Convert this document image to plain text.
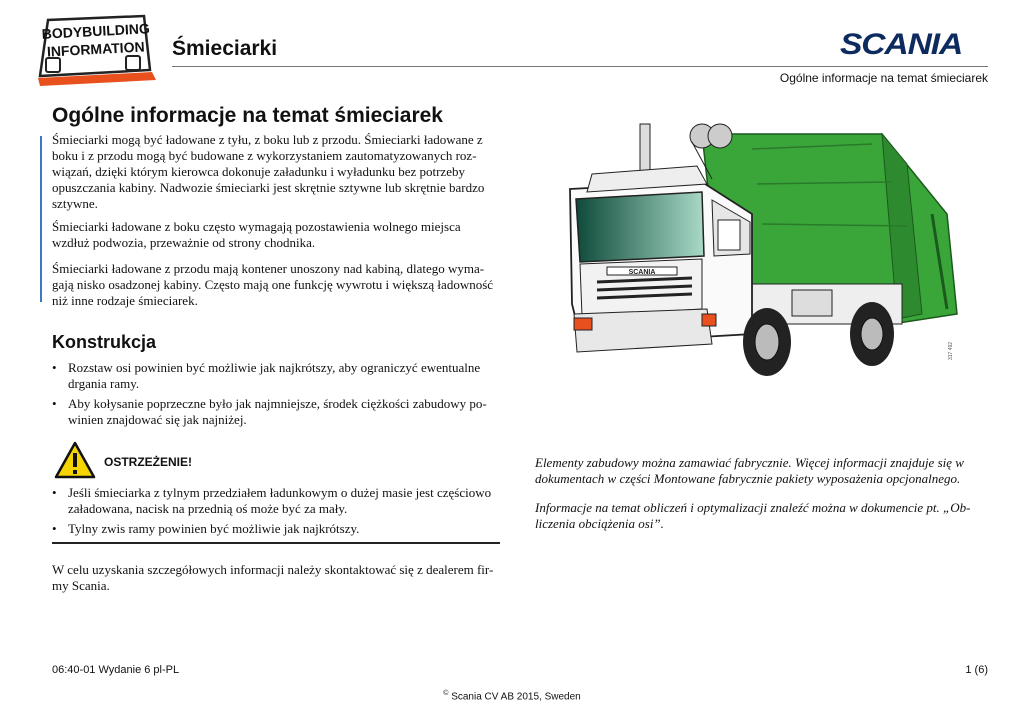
BODYBUILDING
INFORMATION Śmieciarki	SCANIA
Ogólne informacje na temat śmieciarek
Ogólne informacje na temat śmieciarek

Śmieciarki mogą być ładowane z tyłu, z boku lub z przodu. Śmieciarki ładowane z boku i z przodu mogą być budowane z wykorzystaniem zautomatyzowanych roz-wiązań, dzięki którym kierowca dokonuje załadunku i wyładunku bez potrzeby opuszczania kabiny. Nadwozie śmieciarki jest skrętnie sztywne lub skrętnie bardzo sztywne.

Śmieciarki ładowane z boku często wymagają pozostawienia wolnego miejsca wzdłuż podwozia, przeważnie od strony chodnika.

Śmieciarki ładowane z przodu mają kontener unoszony nad kabiną, dlatego wyma-gają nisko osadzonej kabiny. Często mają one funkcję wywrotu i większą ładowność niż inne rodzaje śmieciarek.

Konstrukcja
• Rozstaw osi powinien być możliwie jak najkrótszy, aby ograniczyć ewentualne drgania ramy.
• Aby kołysanie poprzeczne było jak najmniejsze, środek ciężkości zabudowy po-winien znajdować się jak najniżej.
OSTRZEŻENIE!
• Jeśli śmieciarka z tylnym przedziałem ładunkowym o dużej masie jest częściowo załadowana, nacisk na przednią oś może być za mały.
• Tylny zwis ramy powinien być możliwie jak najkrótszy.

W celu uzyskania szczegółowych informacji należy skontaktować się z dealerem fir-my Scania.

SCANIA
317 492

Elementy zabudowy można zamawiać fabrycznie. Więcej informacji znajduje się w dokumentach w części Montowane fabrycznie pakiety wyposażenia opcjonalnego.

Informacje na temat obliczeń i optymalizacji znaleźć można w dokumencie pt. „Ob-liczenia obciążenia osi”.

06:40-01 Wydanie 6 pl-PL	1 (6)
© Scania CV AB 2015, Sweden
